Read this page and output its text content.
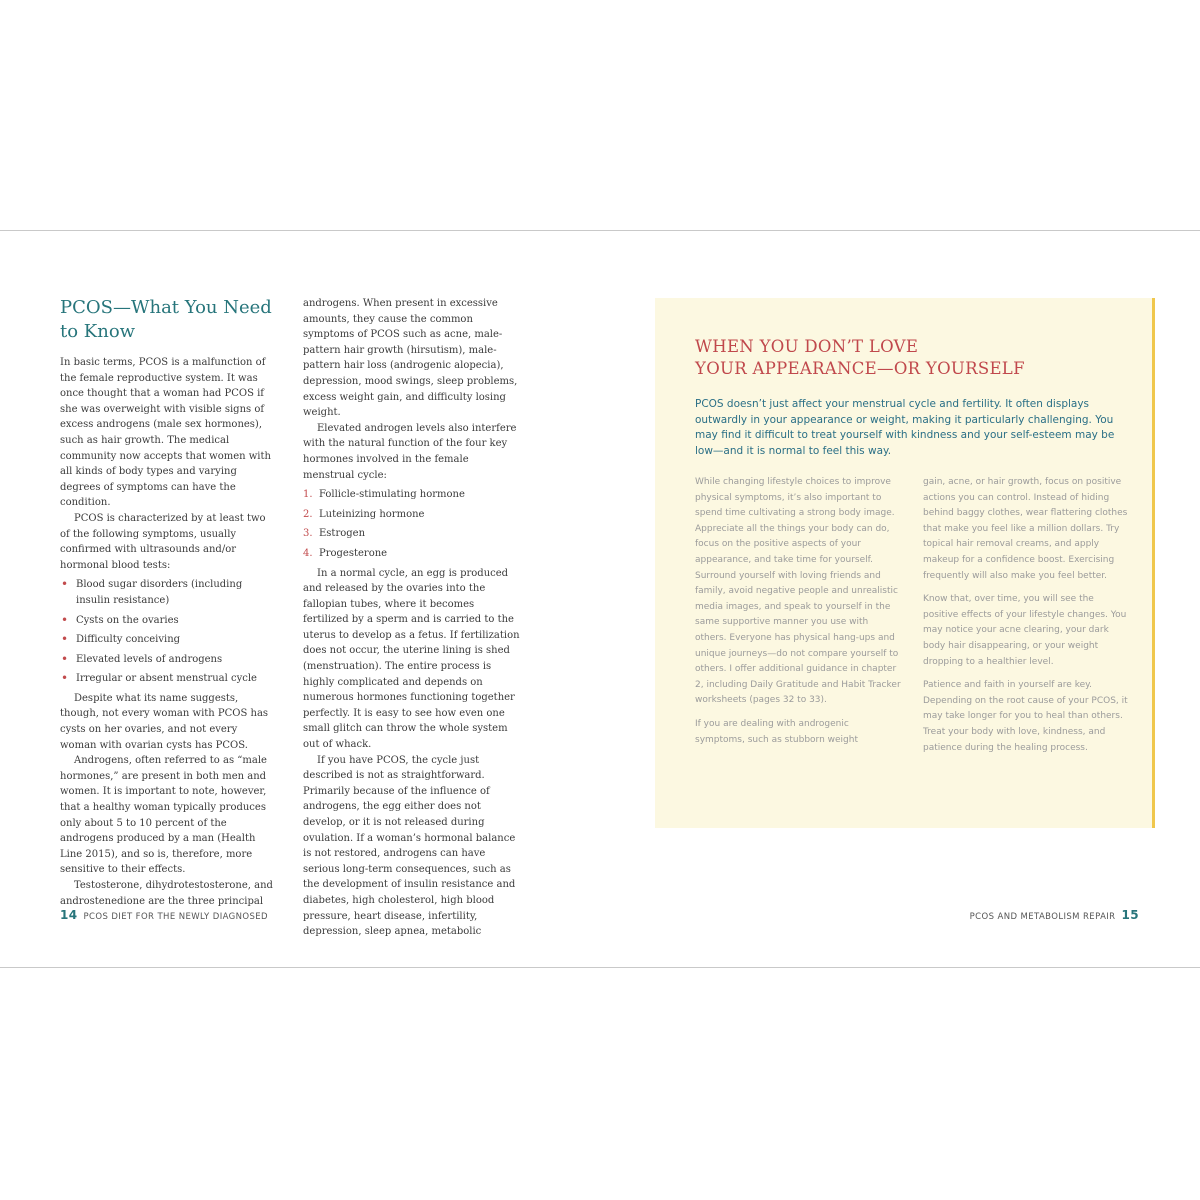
PCOS—What You Need to Know

In basic terms, PCOS is a malfunction of the female reproductive system. It was once thought that a woman had PCOS if she was overweight with visible signs of excess androgens (male sex hormones), such as hair growth. The medical community now accepts that women with all kinds of body types and varying degrees of symptoms can have the condition.

PCOS is characterized by at least two of the following symptoms, usually confirmed with ultrasounds and/or hormonal blood tests:

• Blood sugar disorders (including insulin resistance)
• Cysts on the ovaries
• Difficulty conceiving
• Elevated levels of androgens
• Irregular or absent menstrual cycle

Despite what its name suggests, though, not every woman with PCOS has cysts on her ovaries, and not every woman with ovarian cysts has PCOS.

Androgens, often referred to as “male hormones,” are present in both men and women. It is important to note, however, that a healthy woman typically produces only about 5 to 10 percent of the androgens produced by a man (Health Line 2015), and so is, therefore, more sensitive to their effects.

Testosterone, dihydrotestosterone, and androstenedione are the three principal

androgens. When present in excessive amounts, they cause the common symptoms of PCOS such as acne, male-pattern hair growth (hirsutism), male-pattern hair loss (androgenic alopecia), depression, mood swings, sleep problems, excess weight gain, and difficulty losing weight.

Elevated androgen levels also interfere with the natural function of the four key hormones involved in the female menstrual cycle:

1. Follicle-stimulating hormone
2. Luteinizing hormone
3. Estrogen
4. Progesterone

In a normal cycle, an egg is produced and released by the ovaries into the fallopian tubes, where it becomes fertilized by a sperm and is carried to the uterus to develop as a fetus. If fertilization does not occur, the uterine lining is shed (menstruation). The entire process is highly complicated and depends on numerous hormones functioning together perfectly. It is easy to see how even one small glitch can throw the whole system out of whack.

If you have PCOS, the cycle just described is not as straightforward. Primarily because of the influence of androgens, the egg either does not develop, or it is not released during ovulation. If a woman’s hormonal balance is not restored, androgens can have serious long-term consequences, such as the development of insulin resistance and diabetes, high cholesterol, high blood pressure, heart disease, infertility, depression, sleep apnea, metabolic

14 PCOS DIET FOR THE NEWLY DIAGNOSED
WHEN YOU DON’T LOVE
YOUR APPEARANCE—OR YOURSELF

PCOS doesn’t just affect your menstrual cycle and fertility. It often displays outwardly in your appearance or weight, making it particularly challenging. You may find it difficult to treat yourself with kindness and your self-esteem may be low—and it is normal to feel this way.

While changing lifestyle choices to improve physical symptoms, it’s also important to spend time cultivating a strong body image. Appreciate all the things your body can do, focus on the positive aspects of your appearance, and take time for yourself. Surround yourself with loving friends and family, avoid negative people and unrealistic media images, and speak to yourself in the same supportive manner you use with others. Everyone has physical hang-ups and unique journeys—do not compare yourself to others. I offer additional guidance in chapter 2, including Daily Gratitude and Habit Tracker worksheets (pages 32 to 33).

If you are dealing with androgenic symptoms, such as stubborn weight

gain, acne, or hair growth, focus on positive actions you can control. Instead of hiding behind baggy clothes, wear flattering clothes that make you feel like a million dollars. Try topical hair removal creams, and apply makeup for a confidence boost. Exercising frequently will also make you feel better.

Know that, over time, you will see the positive effects of your lifestyle changes. You may notice your acne clearing, your dark body hair disappearing, or your weight dropping to a healthier level.

Patience and faith in yourself are key. Depending on the root cause of your PCOS, it may take longer for you to heal than others. Treat your body with love, kindness, and patience during the healing process.

PCOS AND METABOLISM REPAIR 15
